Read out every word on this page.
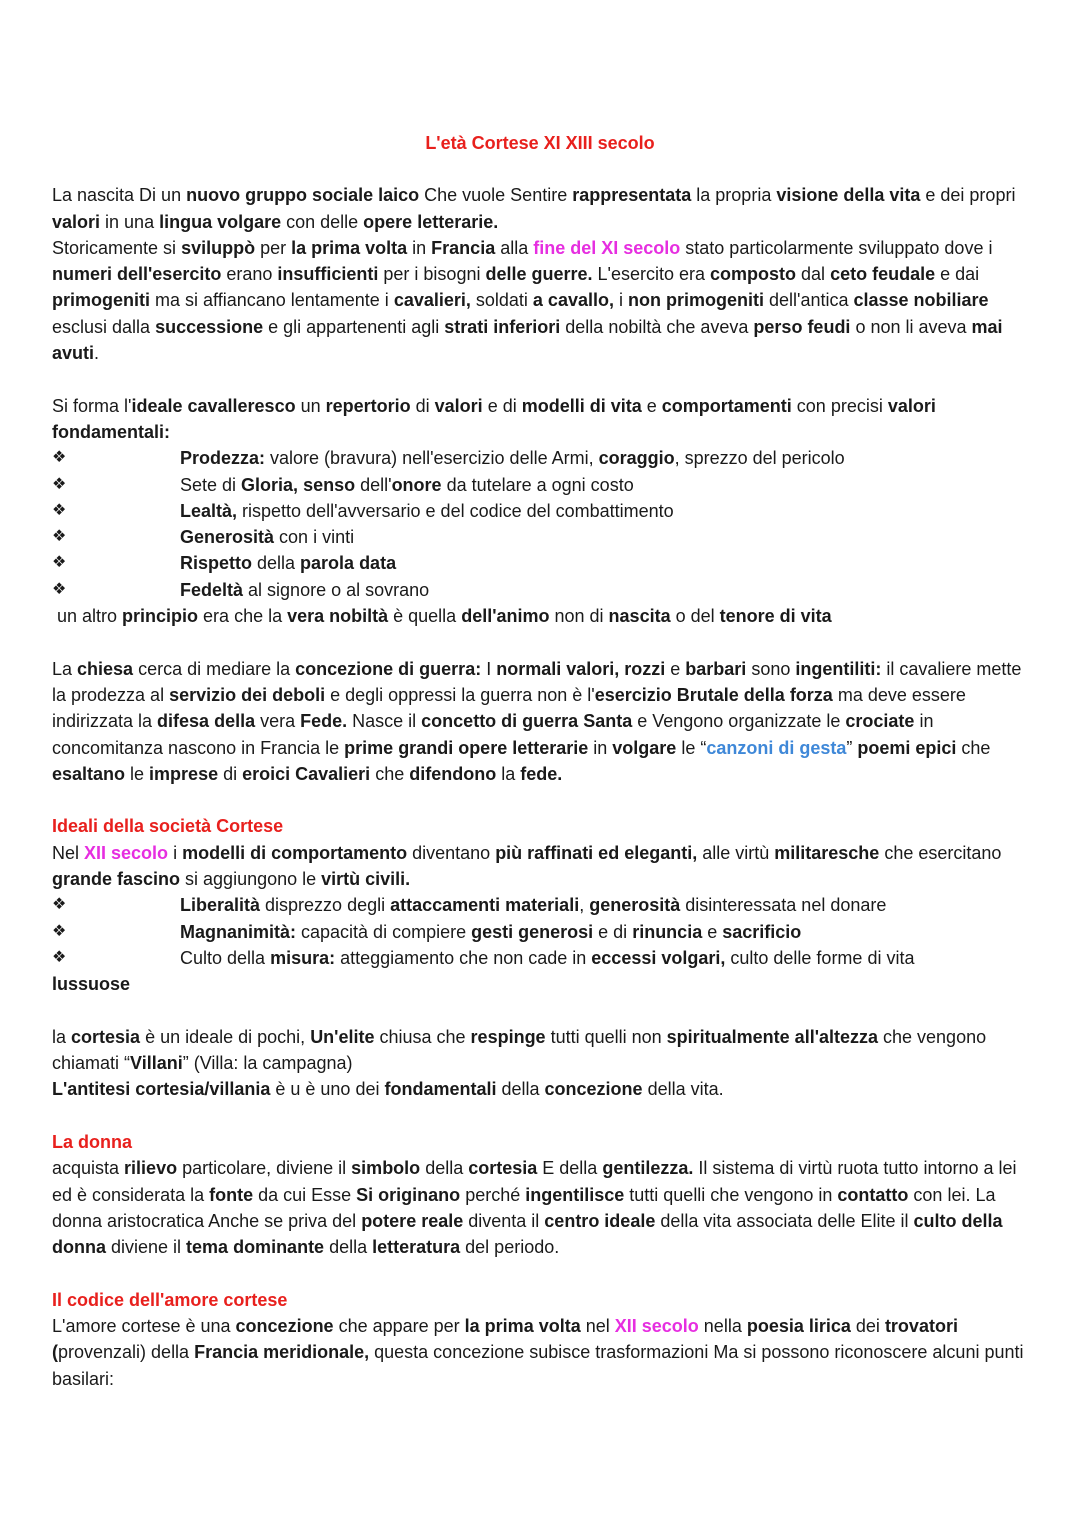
L'età Cortese XI XIII secolo

La nascita Di un nuovo gruppo sociale laico Che vuole Sentire rappresentata la propria visione della vita e dei propri valori in una lingua volgare con delle opere letterarie.
Storicamente si sviluppò per la prima volta in Francia alla fine del XI secolo stato particolarmente sviluppato dove i numeri dell'esercito erano insufficienti per i bisogni delle guerre. L'esercito era composto dal ceto feudale e dai primogeniti ma si affiancano lentamente i cavalieri, soldati a cavallo, i non primogeniti dell'antica classe nobiliare esclusi dalla successione e gli appartenenti agli strati inferiori della nobiltà che aveva perso feudi o non li aveva mai avuti.

Si forma l'ideale cavalleresco un repertorio di valori e di modelli di vita e comportamenti con precisi valori fondamentali:

❖	Prodezza: valore (bravura) nell'esercizio delle Armi, coraggio, sprezzo del pericolo
❖	Sete di Gloria, senso dell'onore da tutelare a ogni costo
❖	Lealtà, rispetto dell'avversario e del codice del combattimento
❖	Generosità con i vinti
❖	Rispetto della parola data
❖	Fedeltà al signore o al sovrano

un altro principio era che la vera nobiltà è quella dell'animo non di nascita o del tenore di vita

La chiesa cerca di mediare la concezione di guerra: I normali valori, rozzi e barbari sono ingentiliti: il cavaliere mette la prodezza al servizio dei deboli e degli oppressi la guerra non è l'esercizio Brutale della forza ma deve essere indirizzata la difesa della vera Fede. Nasce il concetto di guerra Santa e Vengono organizzate le crociate in concomitanza nascono in Francia le prime grandi opere letterarie in volgare le “canzoni di gesta” poemi epici che esaltano le imprese di eroici Cavalieri che difendono la fede.

Ideali della società Cortese

Nel XII secolo i modelli di comportamento diventano più raffinati ed eleganti, alle virtù militaresche che esercitano grande fascino si aggiungono le virtù civili.

❖	Liberalità disprezzo degli attaccamenti materiali, generosità disinteressata nel donare
❖	Magnanimità: capacità di compiere gesti generosi e di rinuncia e sacrificio
❖	Culto della misura: atteggiamento che non cade in eccessi volgari, culto delle forme di vita

lussuose

la cortesia è un ideale di pochi, Un'elite chiusa che respinge tutti quelli non spiritualmente all'altezza che vengono chiamati “Villani” (Villa: la campagna)
L'antitesi cortesia/villania è u è uno dei fondamentali della concezione della vita.

La donna

acquista rilievo particolare, diviene il simbolo della cortesia E della gentilezza. Il sistema di virtù ruota tutto intorno a lei ed è considerata la fonte da cui Esse Si originano perché ingentilisce tutti quelli che vengono in contatto con lei. La donna aristocratica Anche se priva del potere reale diventa il centro ideale della vita associata delle Elite il culto della donna diviene il tema dominante della letteratura del periodo.

Il codice dell'amore cortese

L'amore cortese è una concezione che appare per la prima volta nel XII secolo nella poesia lirica dei trovatori (provenzali) della Francia meridionale, questa concezione subisce trasformazioni Ma si possono riconoscere alcuni punti basilari:
